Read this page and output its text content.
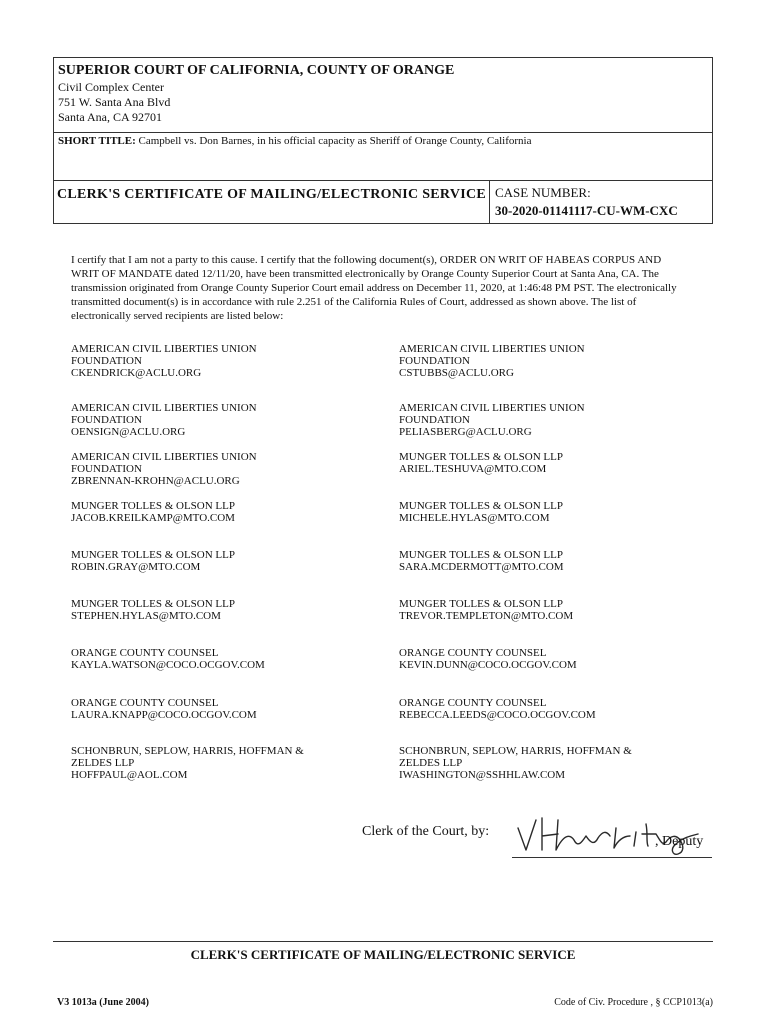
SUPERIOR COURT OF CALIFORNIA, COUNTY OF ORANGE
Civil Complex Center
751 W. Santa Ana Blvd
Santa Ana, CA 92701
SHORT TITLE: Campbell vs. Don Barnes, in his official capacity as Sheriff of Orange County, California
CLERK'S CERTIFICATE OF MAILING/ELECTRONIC SERVICE CASE NUMBER:
30-2020-01141117-CU-WM-CXC
I certify that I am not a party to this cause. I certify that the following document(s), ORDER ON WRIT OF HABEAS CORPUS AND WRIT OF MANDATE dated 12/11/20, have been transmitted electronically by Orange County Superior Court at Santa Ana, CA. The transmission originated from Orange County Superior Court email address on December 11, 2020, at 1:46:48 PM PST. The electronically transmitted document(s) is in accordance with rule 2.251 of the California Rules of Court, addressed as shown above. The list of electronically served recipients are listed below:
AMERICAN CIVIL LIBERTIES UNION
FOUNDATION
CKENDRICK@ACLU.ORG
AMERICAN CIVIL LIBERTIES UNION
FOUNDATION
CSTUBBS@ACLU.ORG
AMERICAN CIVIL LIBERTIES UNION
FOUNDATION
OENSIGN@ACLU.ORG
AMERICAN CIVIL LIBERTIES UNION
FOUNDATION
PELIASBERG@ACLU.ORG
AMERICAN CIVIL LIBERTIES UNION
FOUNDATION
ZBRENNAN-KROHN@ACLU.ORG
MUNGER TOLLES & OLSON LLP
ARIEL.TESHUVA@MTO.COM
MUNGER TOLLES & OLSON LLP
JACOB.KREILKAMP@MTO.COM
MUNGER TOLLES & OLSON LLP
MICHELE.HYLAS@MTO.COM
MUNGER TOLLES & OLSON LLP
ROBIN.GRAY@MTO.COM
MUNGER TOLLES & OLSON LLP
SARA.MCDERMOTT@MTO.COM
MUNGER TOLLES & OLSON LLP
STEPHEN.HYLAS@MTO.COM
MUNGER TOLLES & OLSON LLP
TREVOR.TEMPLETON@MTO.COM
ORANGE COUNTY COUNSEL
KAYLA.WATSON@COCO.OCGOV.COM
ORANGE COUNTY COUNSEL
KEVIN.DUNN@COCO.OCGOV.COM
ORANGE COUNTY COUNSEL
LAURA.KNAPP@COCO.OCGOV.COM
ORANGE COUNTY COUNSEL
REBECCA.LEEDS@COCO.OCGOV.COM
SCHONBRUN, SEPLOW, HARRIS, HOFFMAN &
ZELDES LLP
HOFFPAUL@AOL.COM
SCHONBRUN, SEPLOW, HARRIS, HOFFMAN &
ZELDES LLP
IWASHINGTON@SSHHLAW.COM
Clerk of the Court, by:
, Deputy
CLERK'S CERTIFICATE OF MAILING/ELECTRONIC SERVICE
V3 1013a (June 2004)	Code of Civ. Procedure , § CCP1013(a)
